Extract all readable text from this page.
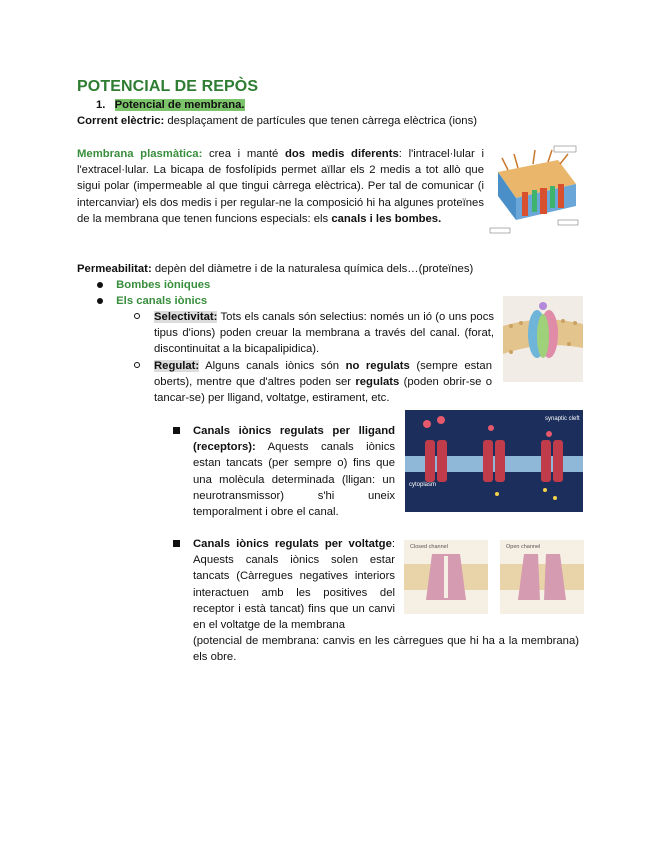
POTENCIAL DE REPÒS
1. Potencial de membrana.
Corrent elèctric: desplaçament de partícules que tenen càrrega elèctrica (ions)
Membrana plasmàtica: crea i manté dos medis diferents: l'intracel·lular i l'extracel·lular. La bicapa de fosfolípids permet aïllar els 2 medis a tot allò que sigui polar (impermeable al que tingui càrrega elèctrica). Per tal de comunicar (i intercanviar) els dos medis i per regular-ne la composició hi ha algunes proteïnes de la membrana que tenen funcions especials: els canals i les bombes.
Permeabilitat: depèn del diàmetre i de la naturalesa química dels…(proteïnes)
Bombes iòniques
Els canals iònics
Selectivitat: Tots els canals són selectius: només un ió (o uns pocs tipus d'ions) poden creuar la membrana a través del canal. (forat, discontinuitat a la bicapalipidica).
Regulat: Alguns canals iònics són no regulats (sempre estan oberts), mentre que d'altres poden ser regulats (poden obrir-se o tancar-se) per lligand, voltatge, estirament, etc.
synaptic cleft
cytoplasm
Canals iònics regulats per lligand (receptors): Aquests canals iònics estan tancats (per sempre o) fins que una molècula determinada (lligan: un neurotransmissor) s'hi uneix temporalment i obre el canal.
Closed channel	Open channel
Canals iònics regulats per voltatge: Aquests canals iònics solen estar tancats (Càrregues negatives interiors interactuen amb les positives del receptor i està tancat) fins que un canvi en el voltatge de la membrana
(potencial de membrana: canvis en les càrregues que hi ha a la membrana) els obre.
